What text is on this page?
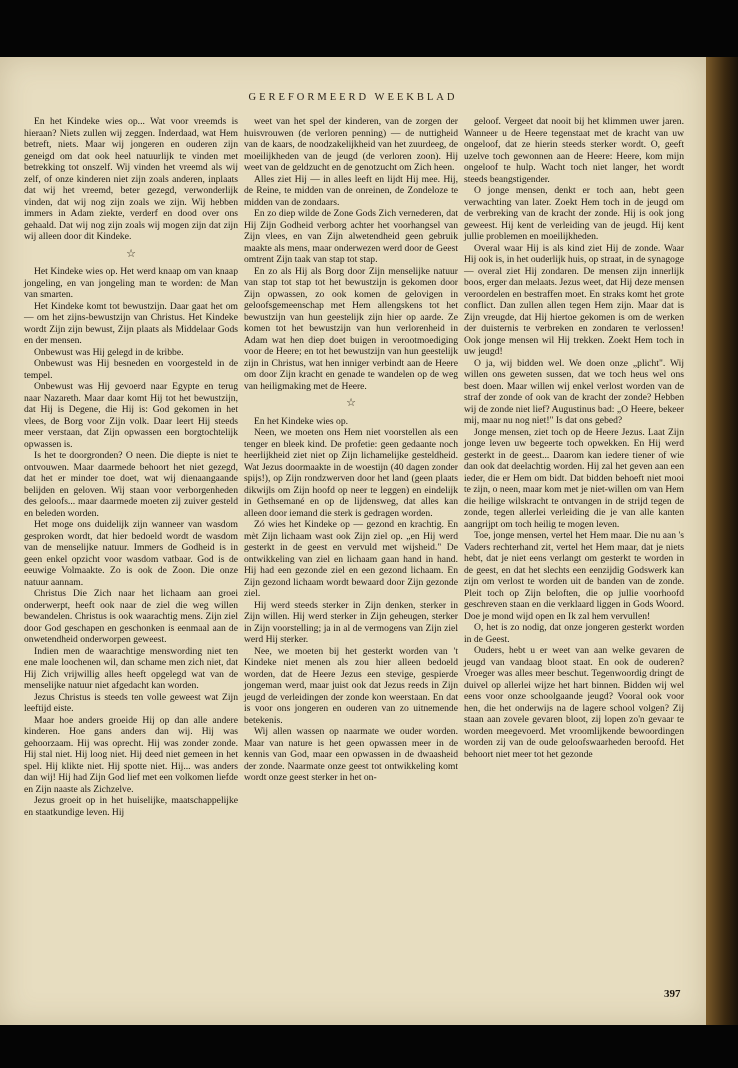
GEREFORMEERD WEEKBLAD

En het Kindeke wies op... Wat voor vreemds is hieraan? Niets zullen wij zeggen. Inderdaad, wat Hem betreft, niets. Maar wij jongeren en ouderen zijn geneigd om dat ook heel natuurlijk te vinden met betrekking tot onszelf. Wij vinden het vreemd als wij zelf, of onze kinderen niet zijn zoals anderen, inplaats dat wij het vreemd, beter gezegd, verwonderlijk vinden, dat wij nog zijn zoals we zijn. Wij hebben immers in Adam ziekte, verderf en dood over ons gehaald. Dat wij nog zijn zoals wij mogen zijn dat zijn wij alleen door dit Kindeke.

☆

Het Kindeke wies op. Het werd knaap om van knaap jongeling, en van jongeling man te worden: de Man van smarten.

Het Kindeke komt tot bewustzijn. Daar gaat het om — om het zijns-bewustzijn van Christus. Het Kindeke wordt Zijn zijn bewust, Zijn plaats als Middelaar Gods en der mensen.

Onbewust was Hij gelegd in de kribbe.

Onbewust was Hij besneden en voorgesteld in de tempel.

Onbewust was Hij gevoerd naar Egypte en terug naar Nazareth. Maar daar komt Hij tot het bewustzijn, dat Hij is Degene, die Hij is: God gekomen in het vlees, de Borg voor Zijn volk. Daar leert Hij steeds meer verstaan, dat Zijn opwassen een borgtochtelijk opwassen is.

Is het te doorgronden? O neen. Die diepte is niet te ontvouwen. Maar daarmede behoort het niet gezegd, dat het er minder toe doet, wat wij dienaangaande belijden en geloven. Wij staan voor verborgenheden des geloofs... maar daarmede moeten zij zuiver gesteld en beleden worden.

Het moge ons duidelijk zijn wanneer van wasdom gesproken wordt, dat hier bedoeld wordt de wasdom van de menselijke natuur. Immers de Godheid is in geen enkel opzicht voor wasdom vatbaar. God is de eeuwige Volmaakte. Zo is ook de Zoon. Die onze natuur aannam.

Christus Die Zich naar het lichaam aan groei onderwerpt, heeft ook naar de ziel die weg willen bewandelen. Christus is ook waarachtig mens. Zijn ziel door God geschapen en geschonken is eenmaal aan de onwetendheid onderworpen geweest.

Indien men de waarachtige menswording niet ten ene male loochenen wil, dan schame men zich niet, dat Hij Zich vrijwillig alles heeft opgelegd wat van de menselijke natuur niet afgedacht kan worden.

Jezus Christus is steeds ten volle geweest wat Zijn leeftijd eiste.

Maar hoe anders groeide Hij op dan alle andere kinderen. Hoe gans anders dan wij. Hij was gehoorzaam. Hij was oprecht. Hij was zonder zonde. Hij stal niet. Hij loog niet. Hij deed niet gemeen in het spel. Hij klikte niet. Hij spotte niet. Hij... was anders dan wij! Hij had Zijn God lief met een volkomen liefde en Zijn naaste als Zichzelve.

Jezus groeit op in het huiselijke, maatschappelijke en staatkundige leven. Hij

weet van het spel der kinderen, van de zorgen der huisvrouwen (de verloren penning) — de nuttigheid van de kaars, de noodzakelijkheid van het zuurdeeg, de moeilijkheden van de jeugd (de verloren zoon). Hij weet van de geldzucht en de genotzucht om Zich heen.

Alles ziet Hij — in alles leeft en lijdt Hij mee. Hij, de Reine, te midden van de onreinen, de Zondeloze te midden van de zondaars.

En zo diep wilde de Zone Gods Zich vernederen, dat Hij Zijn Godheid verborg achter het voorhangsel van Zijn vlees, en van Zijn alwetendheid geen gebruik maakte als mens, maar onderwezen werd door de Geest omtrent Zijn taak van stap tot stap.

En zo als Hij als Borg door Zijn menselijke natuur van stap tot stap tot het bewustzijn is gekomen door Zijn opwassen, zo ook komen de gelovigen in geloofsgemeenschap met Hem allengskens tot het bewustzijn van hun geestelijk zijn hier op aarde. Ze komen tot het bewustzijn van hun verlorenheid in Adam wat hen diep doet buigen in verootmoediging voor de Heere; en tot het bewustzijn van hun geestelijk zijn in Christus, wat hen inniger verbindt aan de Heere om door Zijn kracht en genade te wandelen op de weg van heiligmaking met de Heere.

☆

En het Kindeke wies op.

Neen, we moeten ons Hem niet voorstellen als een tenger en bleek kind. De profetie: geen gedaante noch heerlijkheid ziet niet op Zijn lichamelijke gesteldheid. Wat Jezus doormaakte in de woestijn (40 dagen zonder spijs!), op Zijn rondzwerven door het land (geen plaats dikwijls om Zijn hoofd op neer te leggen) en eindelijk in Gethsemané en op de lijdensweg, dat alles kan alleen door iemand die sterk is gedragen worden.

Zó wies het Kindeke op — gezond en krachtig. En mèt Zijn lichaam wast ook Zijn ziel op. „en Hij werd gesterkt in de geest en vervuld met wijsheid." De ontwikkeling van ziel en lichaam gaan hand in hand. Hij had een gezonde ziel en een gezond lichaam. En Zijn gezond lichaam wordt bewaard door Zijn gezonde ziel.

Hij werd steeds sterker in Zijn denken, sterker in Zijn willen. Hij werd sterker in Zijn geheugen, sterker in Zijn voorstelling; ja in al de vermogens van Zijn ziel werd Hij sterker.

Nee, we moeten bij het gesterkt worden van 't Kindeke niet menen als zou hier alleen bedoeld worden, dat de Heere Jezus een stevige, gespierde jongeman werd, maar juist ook dat Jezus reeds in Zijn jeugd de verleidingen der zonde kon weerstaan. En dat is voor ons jongeren en ouderen van zo uitnemende betekenis.

Wij allen wassen op naarmate we ouder worden. Maar van nature is het geen opwassen meer in de kennis van God, maar een opwassen in de dwaasheid der zonde. Naarmate onze geest tot ontwikkeling komt wordt onze geest sterker in het on-

geloof. Vergeet dat nooit bij het klimmen uwer jaren. Wanneer u de Heere tegenstaat met de kracht van uw ongeloof, dat ze hierin steeds sterker wordt. O, geeft uzelve toch gewonnen aan de Heere: Heere, kom mijn ongeloof te hulp. Wacht toch niet langer, het wordt steeds beangstigender.

O jonge mensen, denkt er toch aan, hebt geen verwachting van later. Zoekt Hem toch in de jeugd om de verbreking van de kracht der zonde. Hij is ook jong geweest. Hij kent de verleiding van de jeugd. Hij kent jullie problemen en moeilijkheden.

Overal waar Hij is als kind ziet Hij de zonde. Waar Hij ook is, in het ouderlijk huis, op straat, in de synagoge — overal ziet Hij zondaren. De mensen zijn innerlijk boos, erger dan melaats. Jezus weet, dat Hij deze mensen veroordelen en bestraffen moet. En straks komt het grote conflict. Dan zullen allen tegen Hem zijn. Maar dat is Zijn vreugde, dat Hij hiertoe gekomen is om de werken der duisternis te verbreken en zondaren te verlossen! Ook jonge mensen wil Hij trekken. Zoekt Hem toch in uw jeugd!

O ja, wij bidden wel. We doen onze „plicht". Wij willen ons geweten sussen, dat we toch heus wel ons best doen. Maar willen wij enkel verlost worden van de straf der zonde of ook van de kracht der zonde? Hebben wij de zonde niet lief? Augustinus bad: „O Heere, bekeer mij, maar nu nog niet!" Is dat ons gebed?

Jonge mensen, ziet toch op de Heere Jezus. Laat Zijn jonge leven uw begeerte toch opwekken. En Hij werd gesterkt in de geest... Daarom kan iedere tiener of wie dan ook dat deelachtig worden. Hij zal het geven aan een ieder, die er Hem om bidt. Dat bidden behoeft niet mooi te zijn, o neen, maar kom met je niet-willen om van Hem die heilige wilskracht te ontvangen in de strijd tegen de zonde, tegen allerlei verleiding die je van alle kanten aangrijpt om toch heilig te mogen leven.

Toe, jonge mensen, vertel het Hem maar. Die nu aan 's Vaders rechterhand zit, vertel het Hem maar, dat je niets hebt, dat je niet eens verlangt om gesterkt te worden in de geest, en dat het slechts een eenzijdig Godswerk kan zijn om verlost te worden uit de banden van de zonde. Pleit toch op Zijn beloften, die op jullie voorhoofd geschreven staan en die verklaard liggen in Gods Woord. Doe je mond wijd open en Ik zal hem vervullen!

O, het is zo nodig, dat onze jongeren gesterkt worden in de Geest.

Ouders, hebt u er weet van aan welke gevaren de jeugd van vandaag bloot staat. En ook de ouderen? Vroeger was alles meer beschut. Tegenwoordig dringt de duivel op allerlei wijze het hart binnen. Bidden wij wel eens voor onze schoolgaande jeugd? Vooral ook voor hen, die het onderwijs na de lagere school volgen? Zij staan aan zovele gevaren bloot, zij lopen zo'n gevaar te worden meegevoerd. Met vroomlijkende bewoordingen worden zij van de oude geloofswaarheden beroofd. Het behoort niet meer tot het gezonde

397
